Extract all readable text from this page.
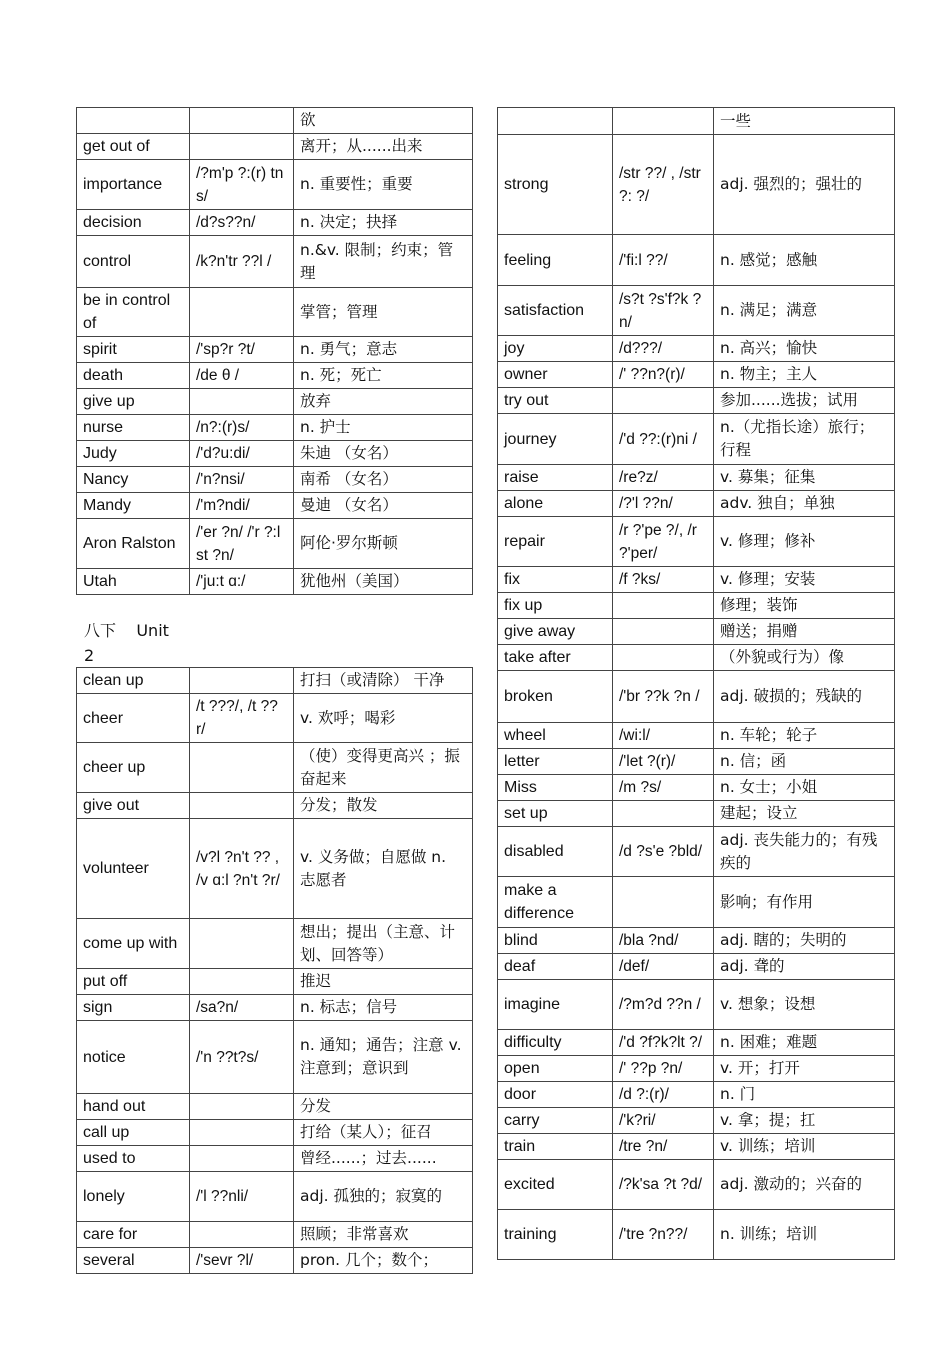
		欲
get out of		离开；从......出来
importance	/?m'p ?:(r) tns/	n. 重要性；重要
decision	/d?s??n/	n. 决定；抉择
control	/k?n'tr ??l /	n.&v. 限制；约束；管理
be in control of		掌管；管理
spirit	/'sp?r ?t/	n. 勇气；意志
death	/de θ /	n. 死；死亡
give up		放弃
nurse	/n?:(r)s/	n. 护士
Judy	/'d?u:di/	朱迪 （女名）
Nancy	/'n?nsi/	南希 （女名）
Mandy	/'m?ndi/	曼迪 （女名）
Aron Ralston	/'er ?n/ /'r ?:lst ?n/	阿伦·罗尔斯顿
Utah	/'ju:t ɑ:/	犹他州（美国）
八下    Unit
2
clean up		打扫（或清除） 干净
cheer	/t ???/, /t ??r/	v. 欢呼；喝彩
cheer up		（使）变得更高兴 ；振奋起来
give out		分发；散发
volunteer	/v?l ?n't ?? , /v ɑ:l ?n't ?r/	v. 义务做；自愿做 n. 志愿者
come up with		想出；提出（主意、计划、回答等）
put off		推迟
sign	/sa?n/	n. 标志；信号
notice	/'n ??t?s/	n. 通知；通告；注意 v. 注意到；意识到
hand out		分发
call up		打给（某人）；征召
used to		曾经......；过去......
lonely	/'l ??nli/	adj. 孤独的；寂寞的
care for		照顾；非常喜欢
several	/'sevr ?l/	pron. 几个；数个；
		一些
strong	/str ??/ , /str ?: ?/	adj. 强烈的；强壮的
feeling	/'fi:l ??/	n. 感觉；感触
satisfaction	/s?t ?s'f?k ?n/	n. 满足；满意
joy	/d???/	n. 高兴；愉快
owner	/' ??n?(r)/	n. 物主；主人
try out		参加......选拔；试用
journey	/'d ??:(r)ni /	n.（尤指长途）旅行；行程
raise	/re?z/	v. 募集；征集
alone	/?'l ??n/	adv. 独自；单独
repair	/r ?'pe ?/, /r ?'per/	v. 修理；修补
fix	/f ?ks/	v. 修理；安装
fix up		修理；装饰
give away		赠送；捐赠
take after		（外貌或行为）像
broken	/'br ??k ?n /	adj. 破损的；残缺的
wheel	/wi:l/	n. 车轮；轮子
letter	/'let ?(r)/	n. 信；函
Miss	/m ?s/	n. 女士；小姐
set up		建起；设立
disabled	/d ?s'e ?bld/	adj. 丧失能力的；有残疾的
make a difference		影响；有作用
blind	/bla ?nd/	adj. 瞎的；失明的
deaf	/def/	adj. 聋的
imagine	/?m?d ??n /	v. 想象；设想
difficulty	/'d ?f?k?lt ?/	n. 困难；难题
open	/' ??p ?n/	v. 开；打开
door	/d ?:(r)/	n. 门
carry	/'k?ri/	v. 拿；提；扛
train	/tre ?n/	v. 训练；培训
excited	/?k'sa ?t ?d/	adj. 激动的；兴奋的
training	/'tre ?n??/	n. 训练；培训
